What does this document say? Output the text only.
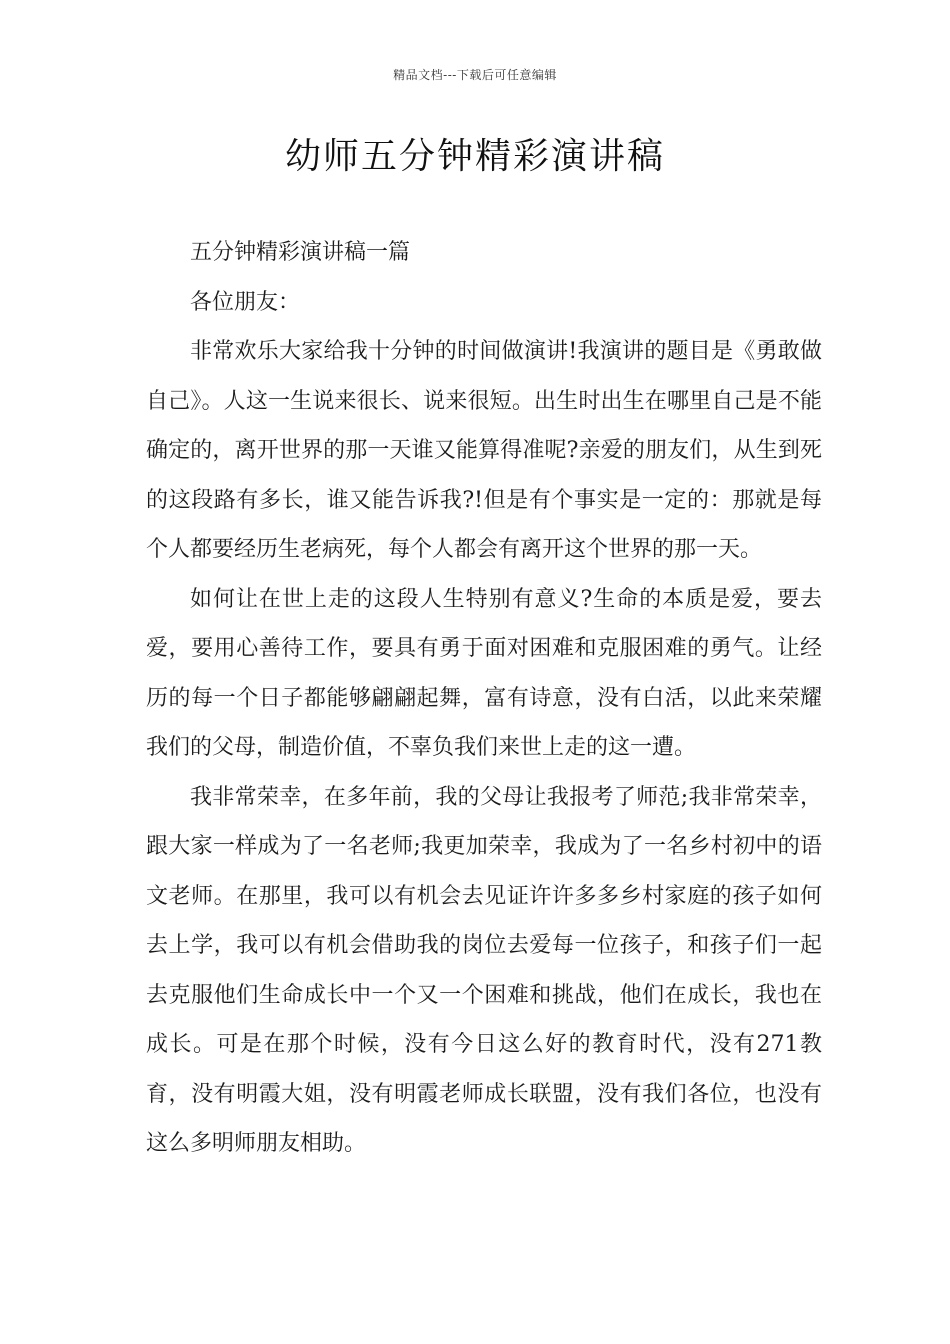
精品文档---下载后可任意编辑
幼师五分钟精彩演讲稿

五分钟精彩演讲稿一篇

各位朋友：

非常欢乐大家给我十分钟的时间做演讲!我演讲的题目是《勇敢做自己》。人这一生说来很长、说来很短。出生时出生在哪里自己是不能确定的，离开世界的那一天谁又能算得准呢?亲爱的朋友们，从生到死的这段路有多长，谁又能告诉我?!但是有个事实是一定的：那就是每个人都要经历生老病死，每个人都会有离开这个世界的那一天。

如何让在世上走的这段人生特别有意义?生命的本质是爱，要去爱，要用心善待工作，要具有勇于面对困难和克服困难的勇气。让经历的每一个日子都能够翩翩起舞，富有诗意，没有白活，以此来荣耀我们的父母，制造价值，不辜负我们来世上走的这一遭。

我非常荣幸，在多年前，我的父母让我报考了师范;我非常荣幸，跟大家一样成为了一名老师;我更加荣幸，我成为了一名乡村初中的语文老师。在那里，我可以有机会去见证许许多多乡村家庭的孩子如何去上学，我可以有机会借助我的岗位去爱每一位孩子，和孩子们一起去克服他们生命成长中一个又一个困难和挑战，他们在成长，我也在成长。可是在那个时候，没有今日这么好的教育时代，没有271教育，没有明霞大姐，没有明霞老师成长联盟，没有我们各位，也没有这么多明师朋友相助。
